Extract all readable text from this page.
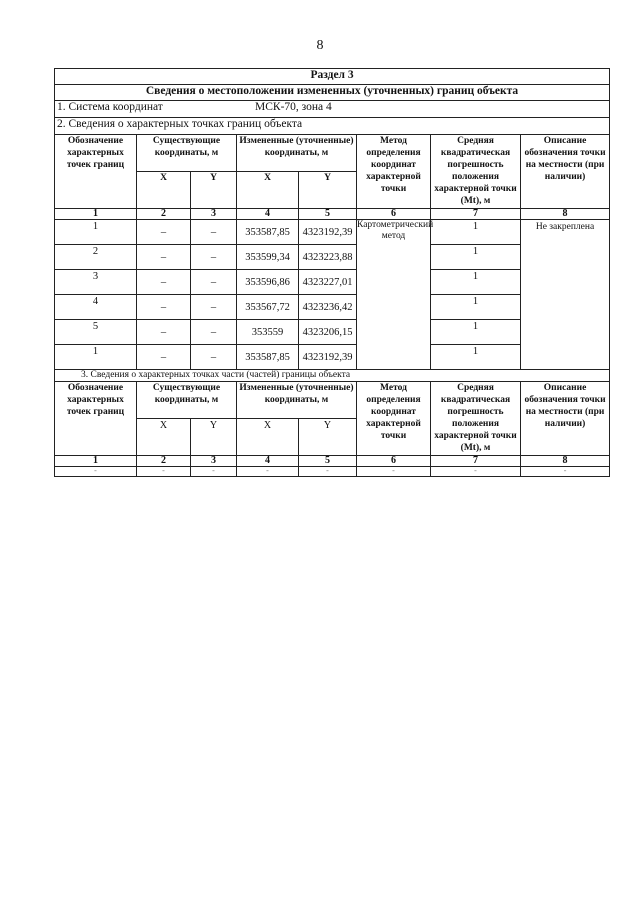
8
Раздел 3							
Сведения о местоположении измененных (уточненных) границ объекта							
1. Система координат МСК-70, зона 4							
2. Сведения о характерных точках границ объекта							
Обозначение характерных точек границ	Существующие координаты, м		Измененные (уточненные) координаты, м		Метод определения координат характерной точки	Средняя квадратическая погрешность положения характерной точки (Mt), м	Описание обозначения точки на местности (при наличии)
	X	Y	X	Y			
1	2	3	4	5	6	7	8
1	–	–	353587,85	4323192,39	Картометрический метод	1	Не закреплена
2	–	–	353599,34	4323223,88		1	
3	–	–	353596,86	4323227,01		1	
4	–	–	353567,72	4323236,42		1	
5	–	–	353559	4323206,15		1	
1	–	–	353587,85	4323192,39		1	
3. Сведения о характерных точках части (частей) границы объекта							
Обозначение характерных точек границ	Существующие координаты, м		Измененные (уточненные) координаты, м		Метод определения координат характерной точки	Средняя квадратическая погрешность положения характерной точки (Mt), м	Описание обозначения точки на местности (при наличии)
	X	Y	X	Y			
1	2	3	4	5	6	7	8
-	-	-	-	-	-	-	-
